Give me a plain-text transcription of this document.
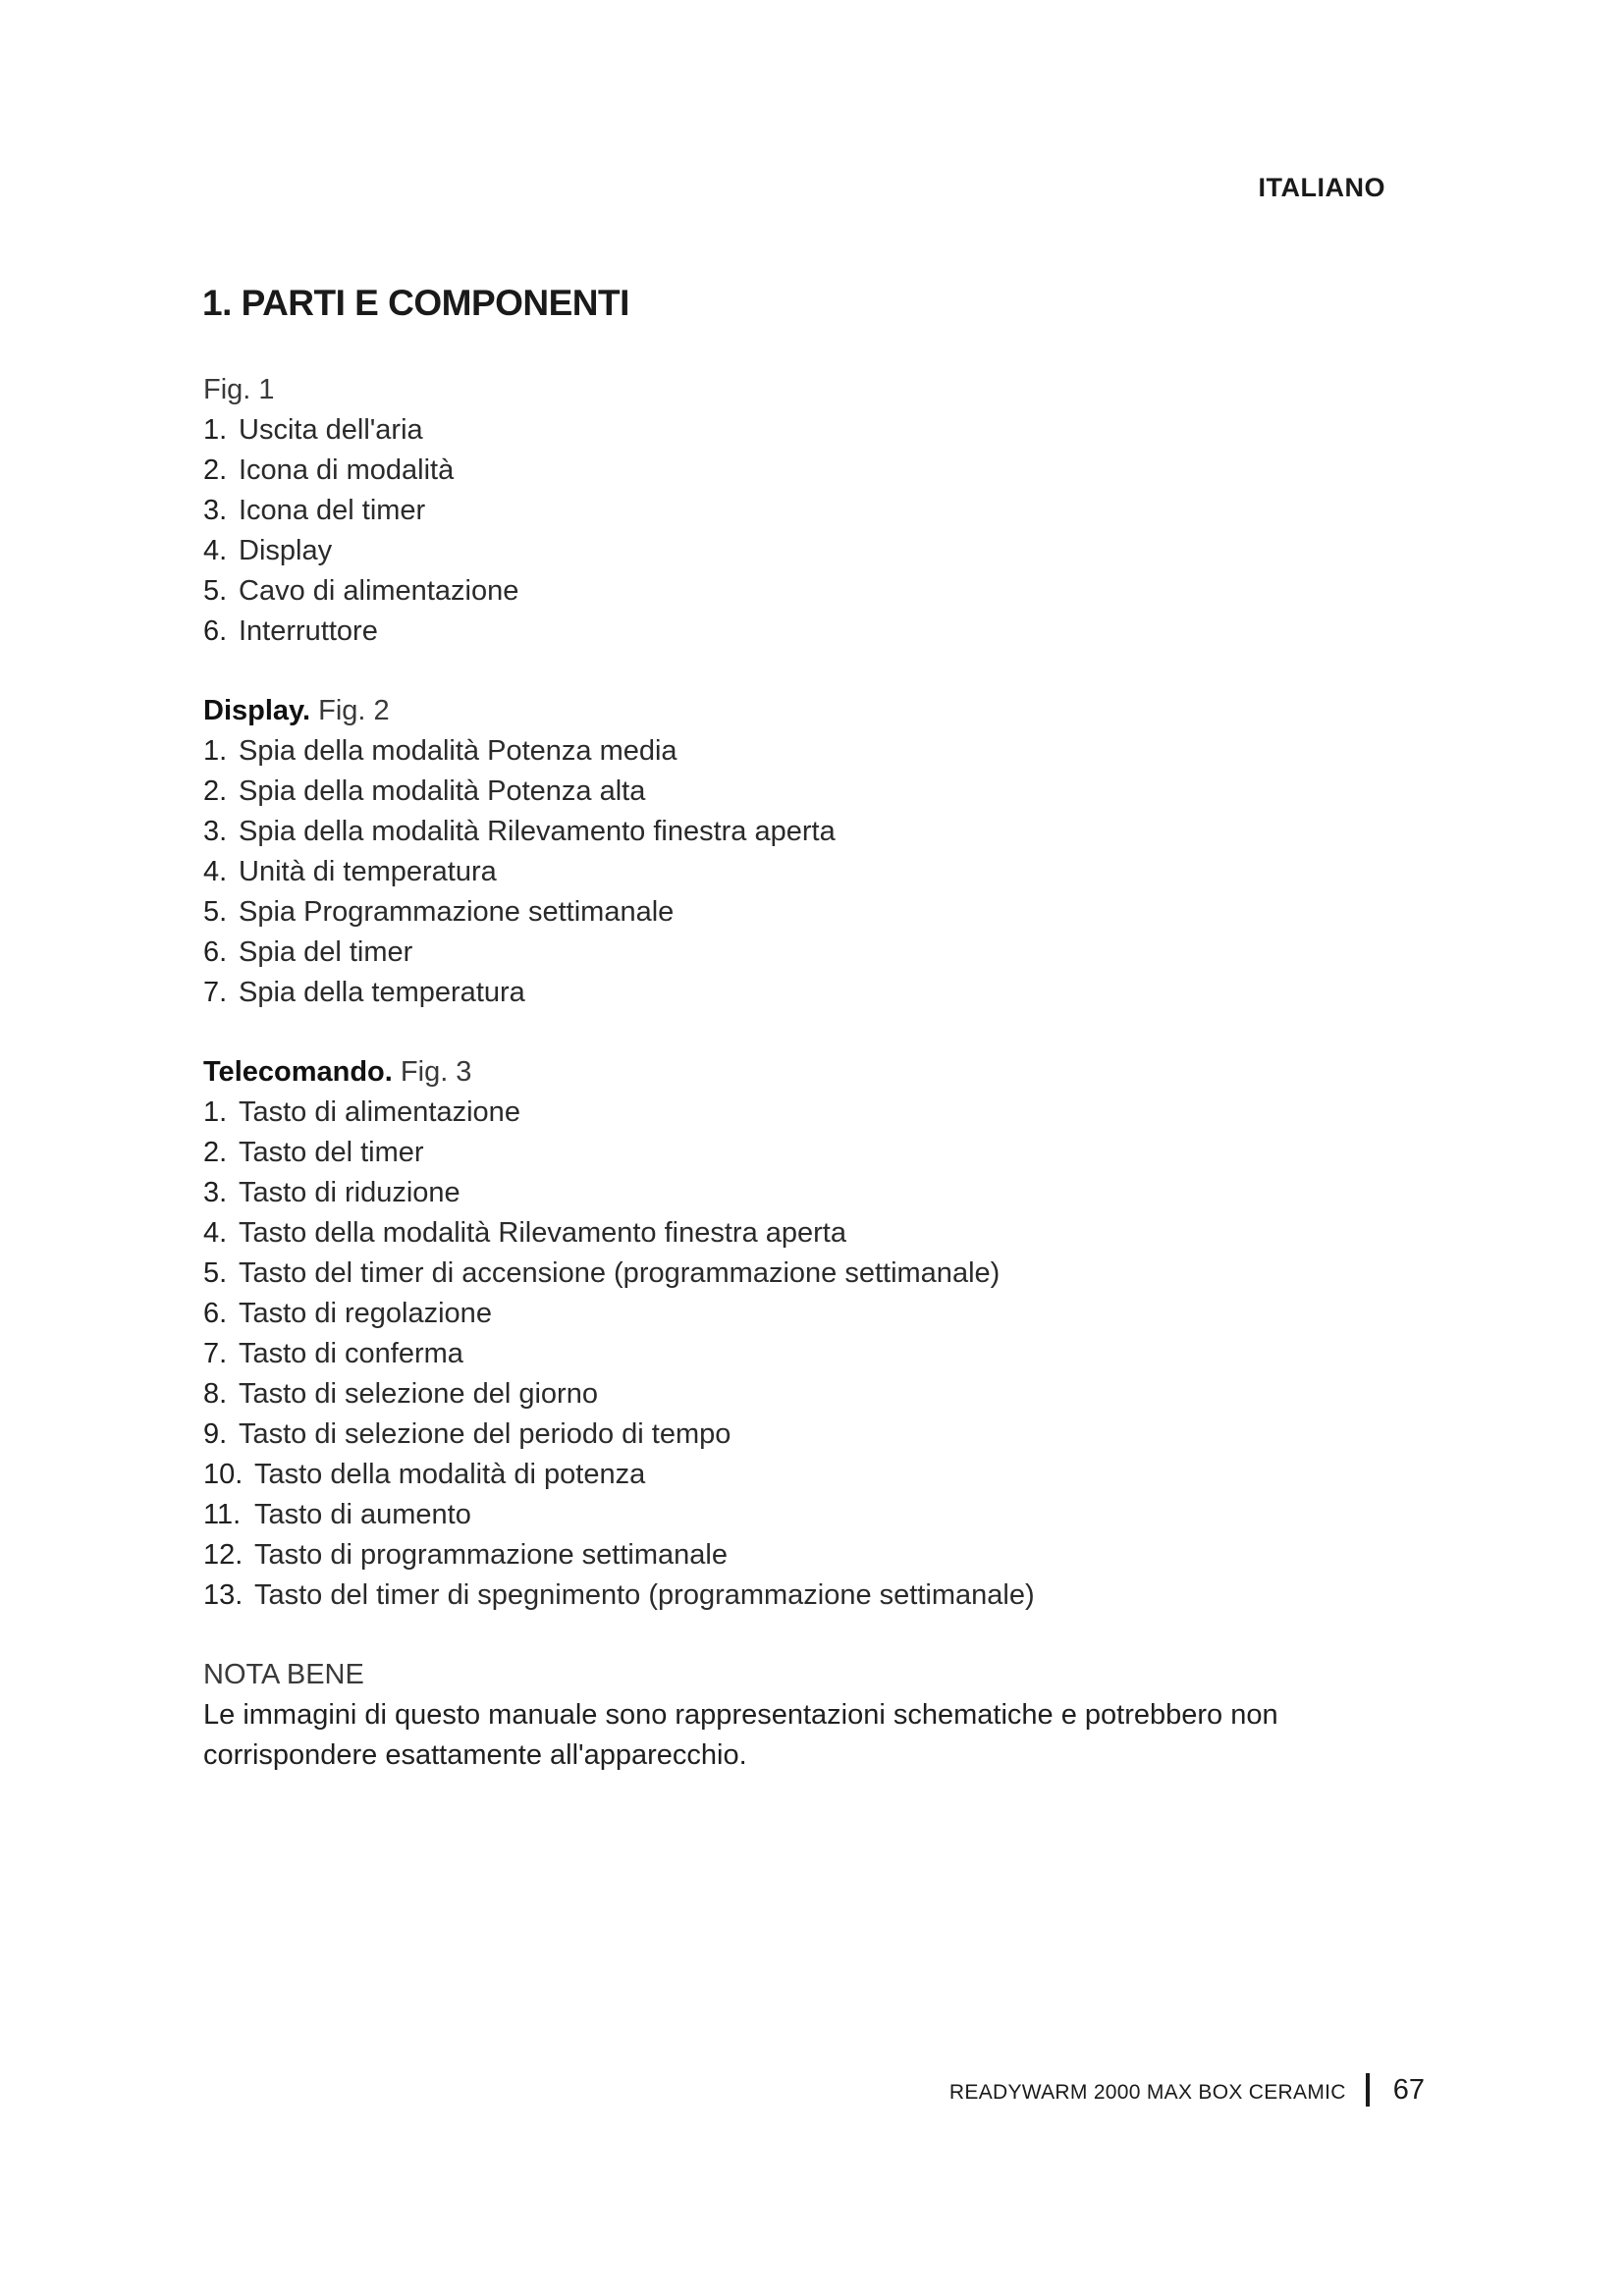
ITALIANO
1. PARTI E COMPONENTI
Fig. 1
1. Uscita dell'aria
2. Icona di modalità
3. Icona del timer
4. Display
5. Cavo di alimentazione
6. Interruttore
Display. Fig. 2
1. Spia della modalità Potenza media
2. Spia della modalità Potenza alta
3. Spia della modalità Rilevamento finestra aperta
4. Unità di temperatura
5. Spia Programmazione settimanale
6. Spia del timer
7. Spia della temperatura
Telecomando. Fig. 3
1. Tasto di alimentazione
2. Tasto del timer
3. Tasto di riduzione
4. Tasto della modalità Rilevamento finestra aperta
5. Tasto del timer di accensione (programmazione settimanale)
6. Tasto di regolazione
7. Tasto di conferma
8. Tasto di selezione del giorno
9. Tasto di selezione del periodo di tempo
10. Tasto della modalità di potenza
11. Tasto di aumento
12. Tasto di programmazione settimanale
13. Tasto del timer di spegnimento (programmazione settimanale)
NOTA BENE
Le immagini di questo manuale sono rappresentazioni schematiche e potrebbero non corrispondere esattamente all'apparecchio.
READYWARM 2000 MAX BOX CERAMIC 67
